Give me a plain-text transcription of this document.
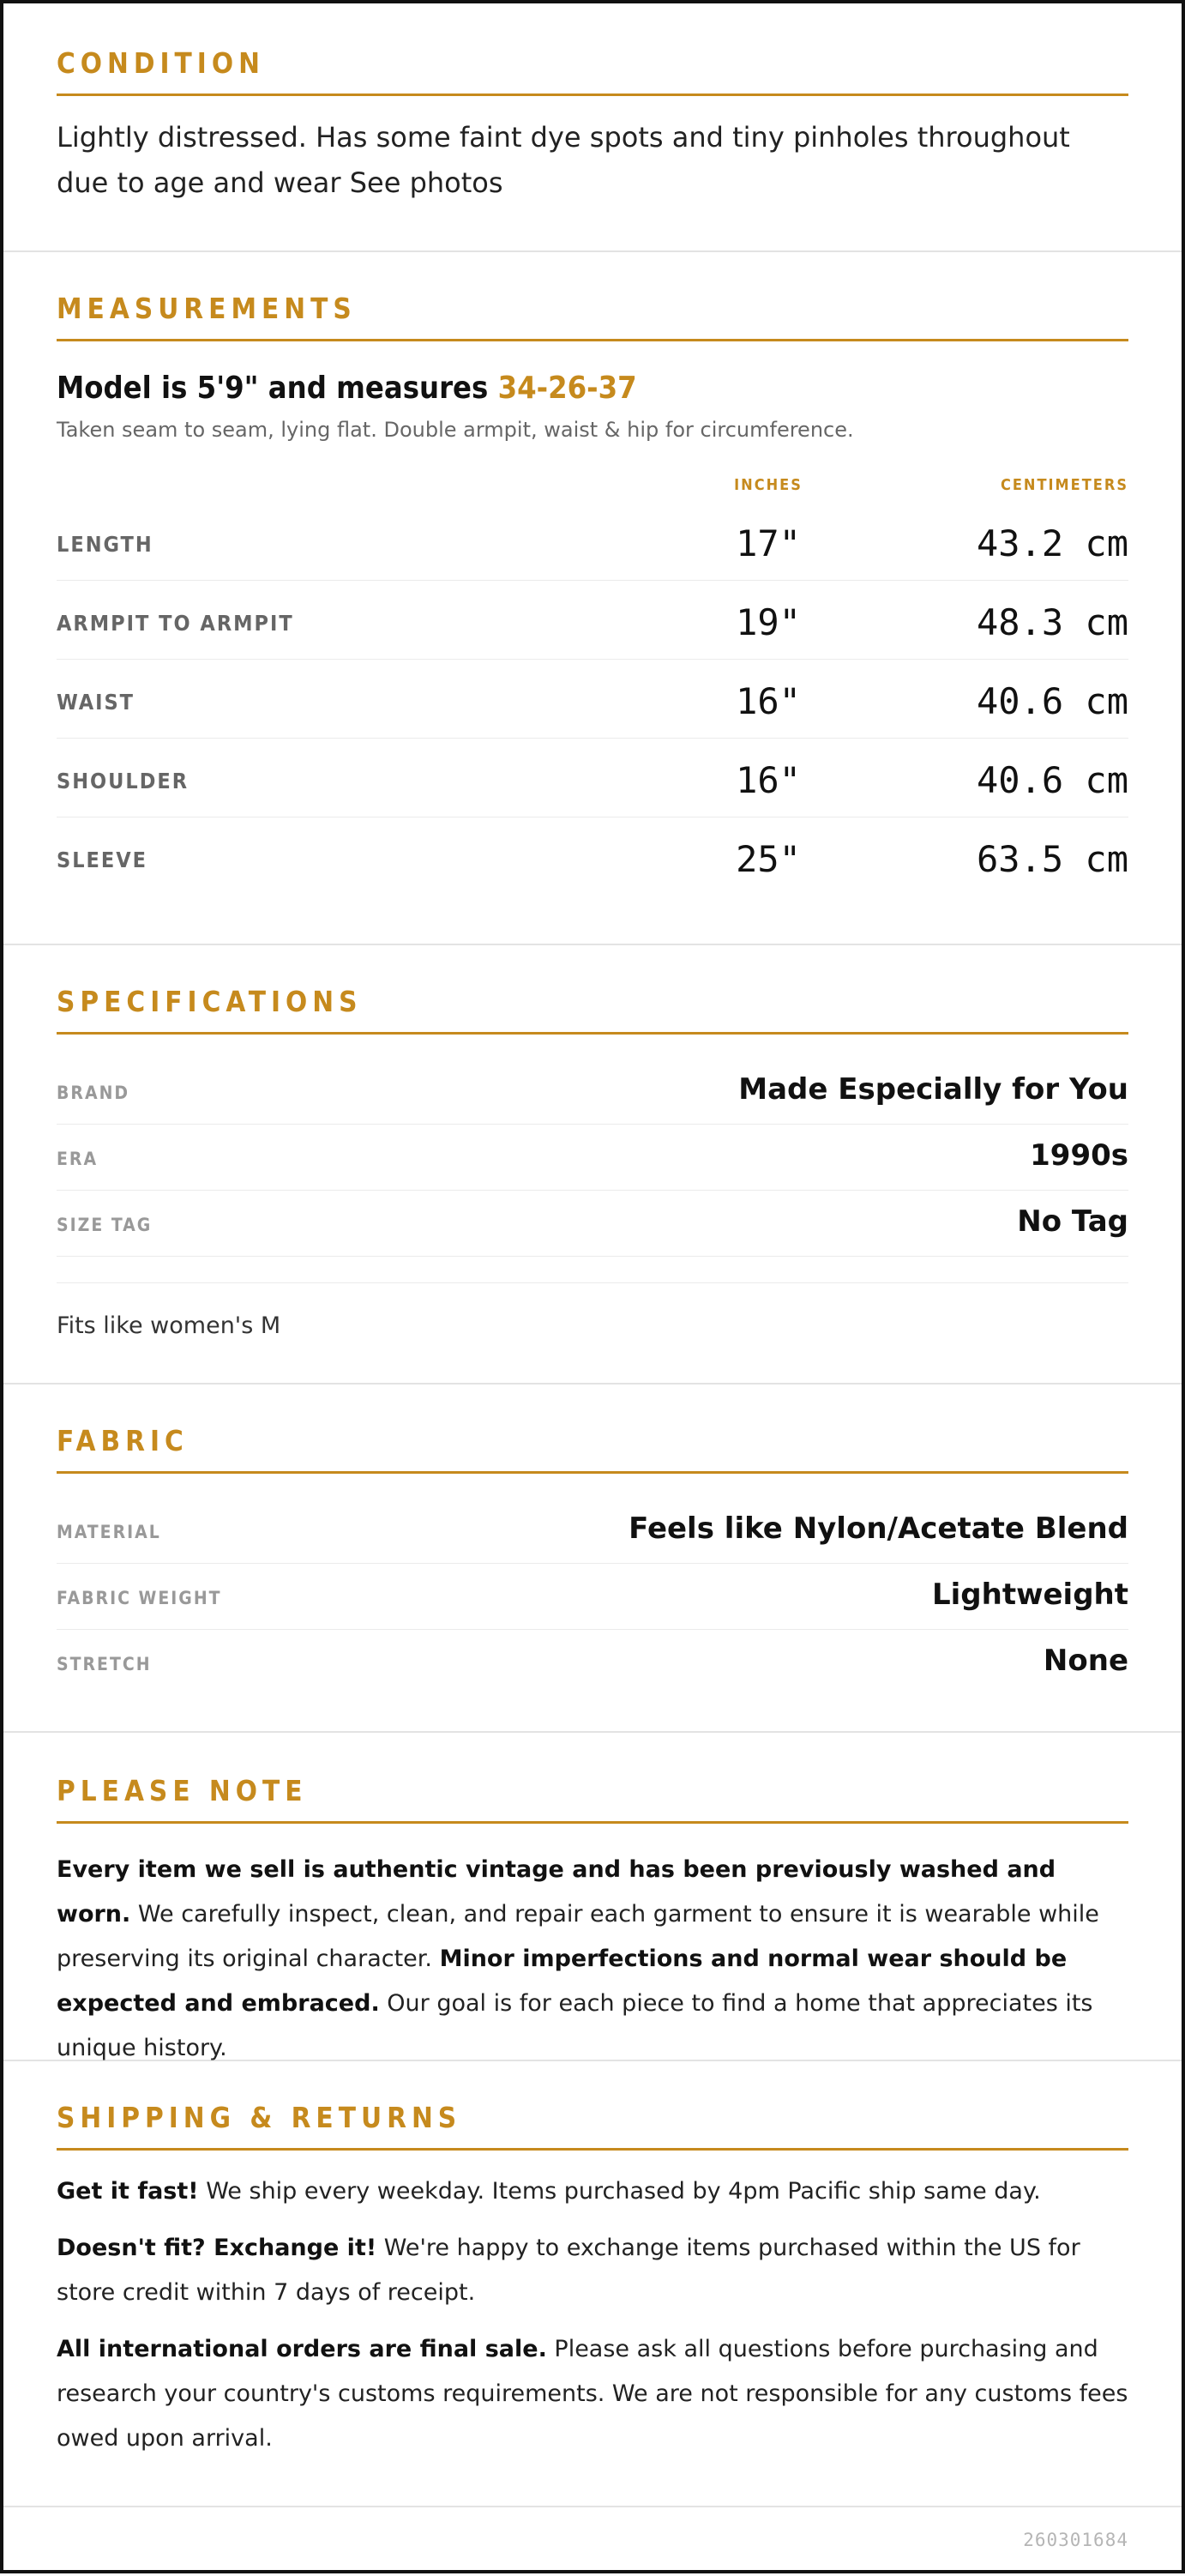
CONDITION
Lightly distressed. Has some faint dye spots and tiny pinholes throughout due to age and wear See photos
MEASUREMENTS
Model is 5'9" and measures 34-26-37
Taken seam to seam, lying flat. Double armpit, waist & hip for circumference.
INCHES	CENTIMETERS
LENGTH	17"	43.2 cm
ARMPIT TO ARMPIT	19"	48.3 cm
WAIST	16"	40.6 cm
SHOULDER	16"	40.6 cm
SLEEVE	25"	63.5 cm
SPECIFICATIONS
BRAND	Made Especially for You
ERA	1990s
SIZE TAG	No Tag
Fits like women's M
FABRIC
MATERIAL	Feels like Nylon/Acetate Blend
FABRIC WEIGHT	Lightweight
STRETCH	None
PLEASE NOTE

Every item we sell is authentic vintage and has been previously washed and worn. We carefully inspect, clean, and repair each garment to ensure it is wearable while preserving its original character. Minor imperfections and normal wear should be expected and embraced. Our goal is for each piece to find a home that appreciates its unique history.

SHIPPING & RETURNS

Get it fast! We ship every weekday. Items purchased by 4pm Pacific ship same day.

Doesn't fit? Exchange it! We're happy to exchange items purchased within the US for store credit within 7 days of receipt.

All international orders are final sale. Please ask all questions before purchasing and research your country's customs requirements. We are not responsible for any customs fees owed upon arrival.

260301684
